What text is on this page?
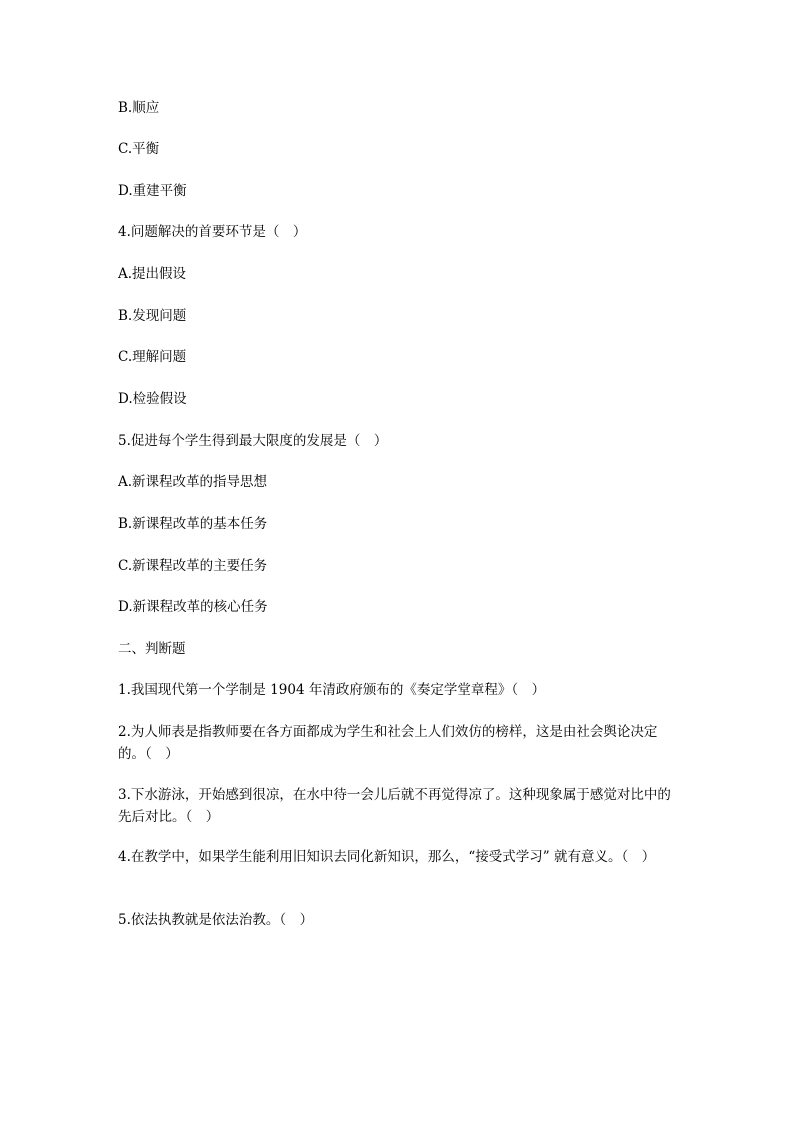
B.顺应
C.平衡
D.重建平衡
4.问题解决的首要环节是（　）
A.提出假设
B.发现问题
C.理解问题
D.检验假设
5.促进每个学生得到最大限度的发展是（　）
A.新课程改革的指导思想
B.新课程改革的基本任务
C.新课程改革的主要任务
D.新课程改革的核心任务
二、判断题
1.我国现代第一个学制是 1904 年清政府颁布的《奏定学堂章程》（　）
2.为人师表是指教师要在各方面都成为学生和社会上人们效仿的榜样，这是由社会舆论决定的。（　）
3.下水游泳，开始感到很凉，在水中待一会儿后就不再觉得凉了。这种现象属于感觉对比中的先后对比。（　）
4.在教学中，如果学生能利用旧知识去同化新知识，那么，“接受式学习” 就有意义。（　）
5.依法执教就是依法治教。（　）
